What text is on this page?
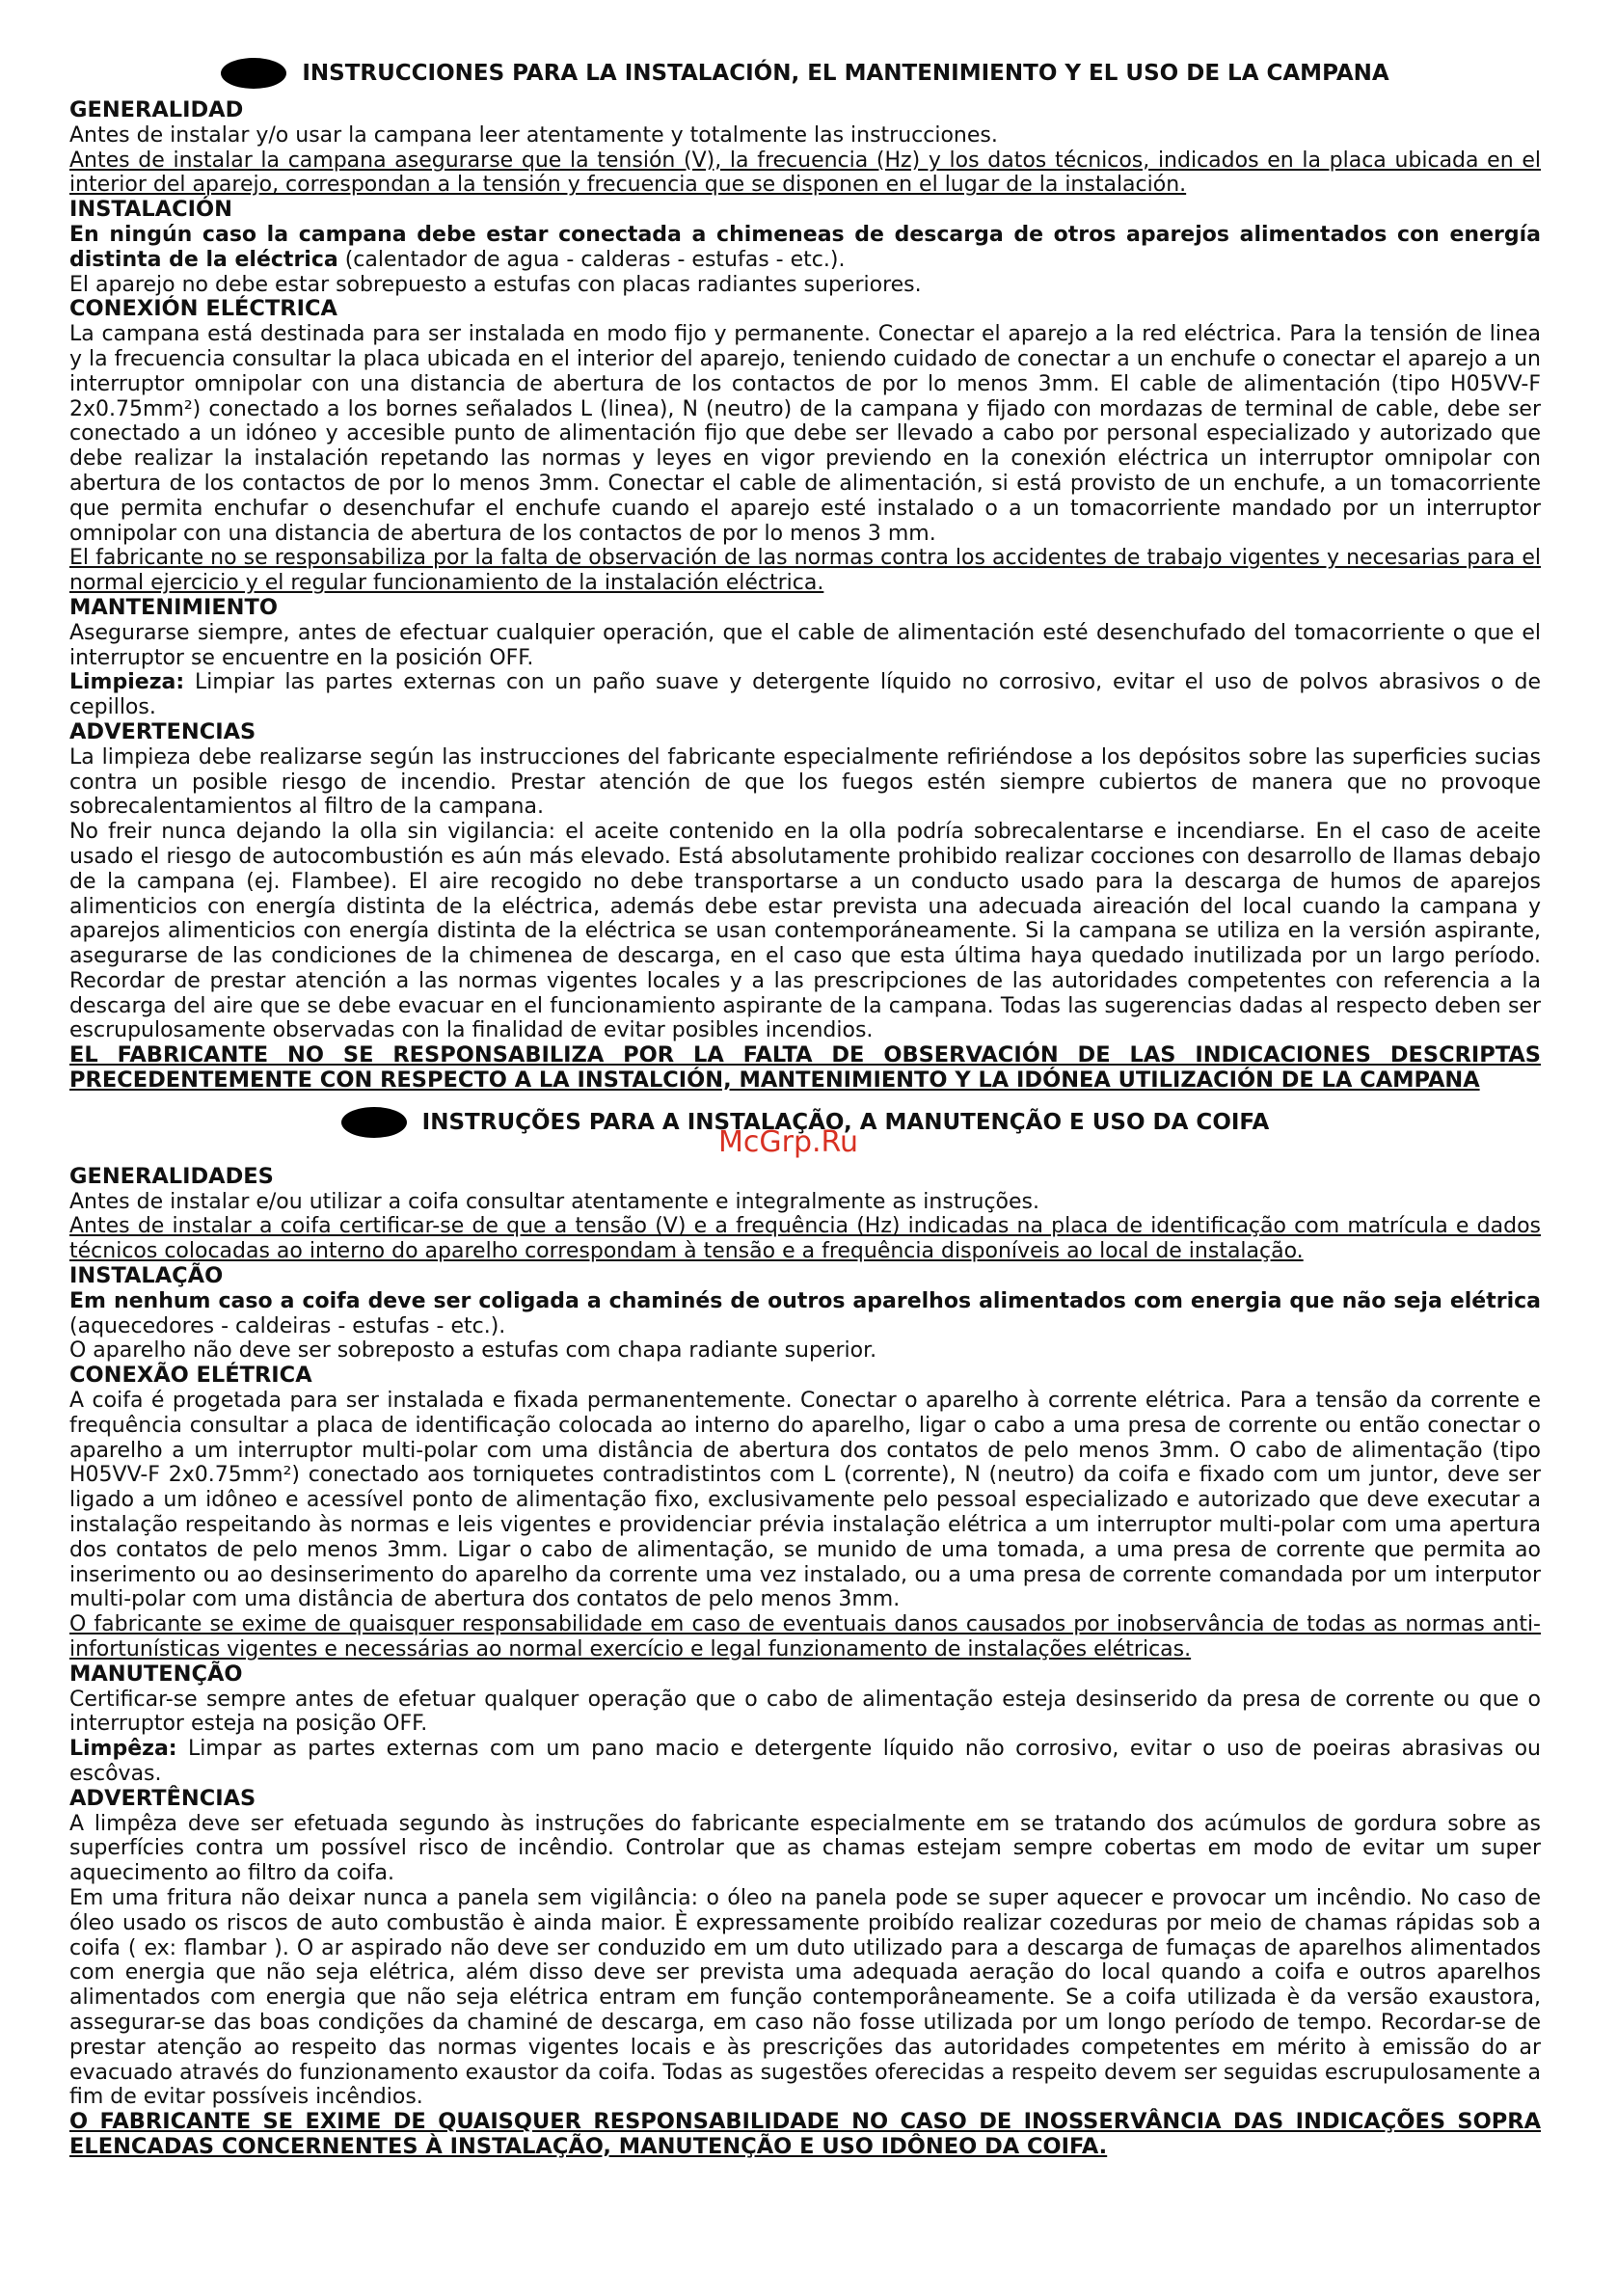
INSTRUCCIONES PARA LA INSTALACIÓN, EL MANTENIMIENTO Y EL USO DE LA CAMPANA
GENERALIDAD

Antes de instalar y/o usar la campana leer atentamente y totalmente las instrucciones.

Antes de instalar la campana asegurarse que la tensión (V), la frecuencia (Hz) y los datos técnicos, indicados en la placa ubicada en el interior del aparejo, correspondan a la tensión y frecuencia que se disponen en el lugar de la instalación.

INSTALACIÓN

En ningún caso la campana debe estar conectada a chimeneas de descarga de otros aparejos alimentados con energía distinta de la eléctrica (calentador de agua - calderas - estufas - etc.).

El aparejo no debe estar sobrepuesto a estufas con placas radiantes superiores.

CONEXIÓN ELÉCTRICA

La campana está destinada para ser instalada en modo fijo y permanente. Conectar el aparejo a la red eléctrica. Para la tensión de linea y la frecuencia consultar la placa ubicada en el interior del aparejo, teniendo cuidado de conectar a un enchufe o conectar el aparejo a un interruptor omnipolar con una distancia de abertura de los contactos de por lo menos 3mm. El cable de alimentación (tipo H05VV-F 2x0.75mm²) conectado a los bornes señalados L (linea), N (neutro) de la campana y fijado con mordazas de terminal de cable, debe ser conectado a un idóneo y accesible punto de alimentación fijo que debe ser llevado a cabo por personal especializado y autorizado que debe realizar la instalación repetando las normas y leyes en vigor previendo en la conexión eléctrica un interruptor omnipolar con abertura de los contactos de por lo menos 3mm. Conectar el cable de alimentación, si está provisto de un enchufe, a un tomacorriente que permita enchufar o desenchufar el enchufe cuando el aparejo esté instalado o a un tomacorriente mandado por un interruptor omnipolar con una distancia de abertura de los contactos de por lo menos 3 mm.

El fabricante no se responsabiliza por la falta de observación de las normas contra los accidentes de trabajo vigentes y necesarias para el normal ejercicio y el regular funcionamiento de la instalación eléctrica.

MANTENIMIENTO

Asegurarse siempre, antes de efectuar cualquier operación, que el cable de alimentación esté desenchufado del tomacorriente o que el interruptor se encuentre en la posición OFF.

Limpieza: Limpiar las partes externas con un paño suave y detergente líquido no corrosivo, evitar el uso de polvos abrasivos o de cepillos.

ADVERTENCIAS

La limpieza debe realizarse según las instrucciones del fabricante especialmente refiriéndose a los depósitos sobre las superficies sucias contra un posible riesgo de incendio. Prestar atención de que los fuegos estén siempre cubiertos de manera que no provoque sobrecalentamientos al filtro de la campana.

No freir nunca dejando la olla sin vigilancia: el aceite contenido en la olla podría sobrecalentarse e incendiarse. En el caso de aceite usado el riesgo de autocombustión es aún más elevado. Está absolutamente prohibido realizar cocciones con desarrollo de llamas debajo de la campana (ej. Flambee). El aire recogido no debe transportarse a un conducto usado para la descarga de humos de aparejos alimenticios con energía distinta de la eléctrica, además debe estar prevista una adecuada aireación del local cuando la campana y aparejos alimenticios con energía distinta de la eléctrica se usan contemporáneamente. Si la campana se utiliza en la versión aspirante, asegurarse de las condiciones de la chimenea de descarga, en el caso que esta última haya quedado inutilizada por un largo período. Recordar de prestar atención a las normas vigentes locales y a las prescripciones de las autoridades competentes con referencia a la descarga del aire que se debe evacuar en el funcionamiento aspirante de la campana. Todas las sugerencias dadas al respecto deben ser escrupulosamente observadas con la finalidad de evitar posibles incendios.

EL FABRICANTE NO SE RESPONSABILIZA POR LA FALTA DE OBSERVACIÓN DE LAS INDICACIONES DESCRIPTAS PRECEDENTEMENTE CON RESPECTO A LA INSTALCIÓN, MANTENIMIENTO Y LA IDÓNEA UTILIZACIÓN DE LA CAMPANA

INSTRUÇÕES PARA A INSTALAÇÃO, A MANUTENÇÃO E USO DA COIFA
GENERALIDADES

Antes de instalar e/ou utilizar a coifa consultar atentamente e integralmente as instruções.

Antes de instalar a coifa certificar-se de que a tensão (V) e a frequência (Hz) indicadas na placa de identificação com matrícula e dados técnicos colocadas ao interno do aparelho correspondam à tensão e a frequência disponíveis ao local de instalação.

INSTALAÇÃO

Em nenhum caso a coifa deve ser coligada a chaminés de outros aparelhos alimentados com energia que não seja elétrica (aquecedores - caldeiras - estufas - etc.).

O aparelho não deve ser sobreposto a estufas com chapa radiante superior.

CONEXÃO ELÉTRICA

A coifa é progetada para ser instalada e fixada permanentemente. Conectar o aparelho à corrente elétrica. Para a tensão da corrente e frequência consultar a placa de identificação colocada ao interno do aparelho, ligar o cabo a uma presa de corrente ou então conectar o aparelho a um interruptor multi-polar com uma distância de abertura dos contatos de pelo menos 3mm. O cabo de alimentação (tipo H05VV-F 2x0.75mm²) conectado aos torniquetes contradistintos com L (corrente), N (neutro) da coifa e fixado com um juntor, deve ser ligado a um idôneo e acessível ponto de alimentação fixo, exclusivamente pelo pessoal especializado e autorizado que deve executar a instalação respeitando às normas e leis vigentes e providenciar prévia instalação elétrica a um interruptor multi-polar com uma apertura dos contatos de pelo menos 3mm. Ligar o cabo de alimentação, se munido de uma tomada, a uma presa de corrente que permita ao inserimento ou ao desinserimento do aparelho da corrente uma vez instalado, ou a uma presa de corrente comandada por um interputor multi-polar com uma distância de abertura dos contatos de pelo menos 3mm.

O fabricante se exime de quaisquer responsabilidade em caso de eventuais danos causados por inobservância de todas as normas anti-infortunísticas vigentes e necessárias ao normal exercício e legal funzionamento de instalações elétricas.

MANUTENÇÃO

Certificar-se sempre antes de efetuar qualquer operação que o cabo de alimentação esteja desinserido da presa de corrente ou que o interruptor esteja na posição OFF.

Limpêza: Limpar as partes externas com um pano macio e detergente líquido não corrosivo, evitar o uso de poeiras abrasivas ou escôvas.

ADVERTÊNCIAS

A limpêza deve ser efetuada segundo às instruções do fabricante especialmente em se tratando dos acúmulos de gordura sobre as superfícies contra um possível risco de incêndio. Controlar que as chamas estejam sempre cobertas em modo de evitar um super aquecimento ao filtro da coifa.

Em uma fritura não deixar nunca a panela sem vigilância: o óleo na panela pode se super aquecer e provocar um incêndio. No caso de óleo usado os riscos de auto combustão è ainda maior. È expressamente proibído realizar cozeduras por meio de chamas rápidas sob a coifa ( ex: flambar ). O ar aspirado não deve ser conduzido em um duto utilizado para a descarga de fumaças de aparelhos alimentados com energia que não seja elétrica, além disso deve ser prevista uma adequada aeração do local quando a coifa e outros aparelhos alimentados com energia que não seja elétrica entram em função contemporâneamente. Se a coifa utilizada è da versão exaustora, assegurar-se das boas condições da chaminé de descarga, em caso não fosse utilizada por um longo período de tempo. Recordar-se de prestar atenção ao respeito das normas vigentes locais e às prescrições das autoridades competentes em mérito à emissão do ar evacuado através do funzionamento exaustor da coifa. Todas as sugestões oferecidas a respeito devem ser seguidas escrupulosamente a fim de evitar possíveis incêndios.

O FABRICANTE SE EXIME DE QUAISQUER RESPONSABILIDADE NO CASO DE INOSSERVÂNCIA DAS INDICAÇÕES SOPRA ELENCADAS CONCERNENTES À INSTALAÇÃO, MANUTENÇÃO E USO IDÔNEO DA COIFA.

McGrp.Ru
